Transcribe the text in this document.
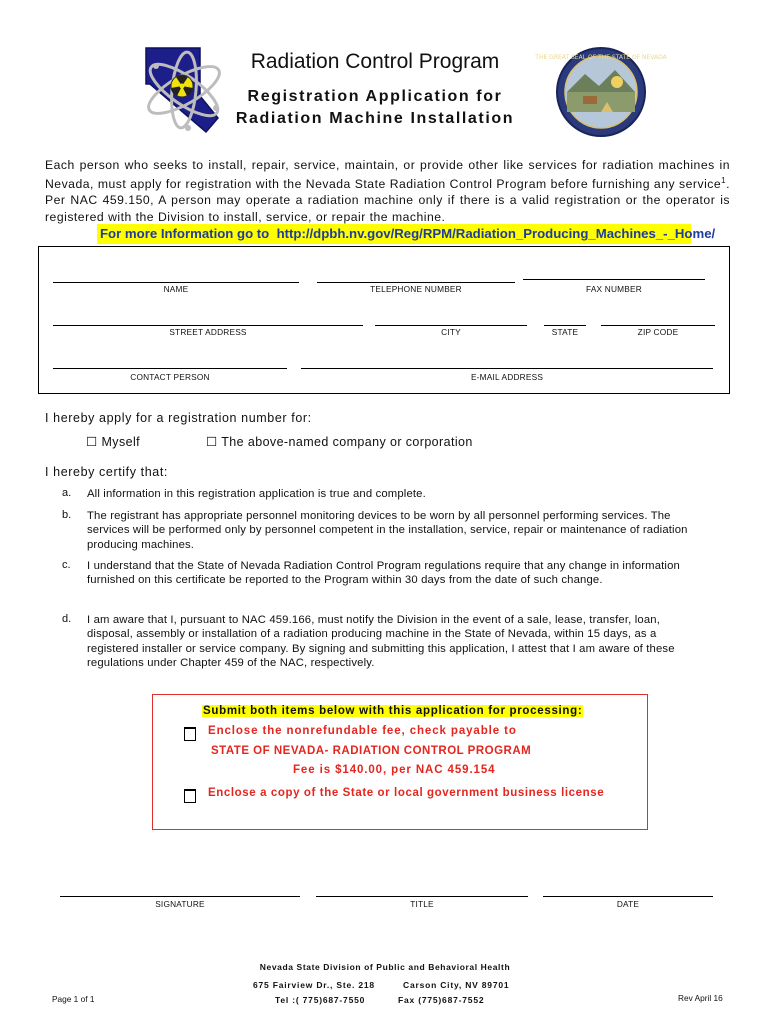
Radiation Control Program
Registration Application for
Radiation Machine Installation
THE GREAT SEAL OF THE STATE OF NEVADA
Each person who seeks to install, repair, service, maintain, or provide other like services for radiation machines in Nevada, must apply for registration with the Nevada State Radiation Control Program before furnishing any service$^1$. Per NAC 459.150, A person may operate a radiation machine only if there is a valid registration or the operator is registered with the Division to install, service, or repair the machine.
For more Information go to http://dpbh.nv.gov/Reg/RPM/Radiation_Producing_Machines_-_Home/
NAME	TELEPHONE NUMBER	FAX NUMBER
STREET ADDRESS	CITY	STATE	ZIP CODE
CONTACT PERSON	E-MAIL ADDRESS
I hereby apply for a registration number for:
☐ Myself	☐ The above-named company or corporation
I hereby certify that:
a. All information in this registration application is true and complete.
b. The registrant has appropriate personnel monitoring devices to be worn by all personnel performing services. The services will be performed only by personnel competent in the installation, service, repair or maintenance of radiation producing machines.
c. I understand that the State of Nevada Radiation Control Program regulations require that any change in information furnished on this certificate be reported to the Program within 30 days from the date of such change.
d. I am aware that I, pursuant to NAC 459.166, must notify the Division in the event of a sale, lease, transfer, loan, disposal, assembly or installation of a radiation producing machine in the State of Nevada, within 15 days, as a registered installer or service company. By signing and submitting this application, I attest that I am aware of these regulations under Chapter 459 of the NAC, respectively.
Submit both items below with this application for processing:
Enclose the nonrefundable fee, check payable to
STATE OF NEVADA- RADIATION CONTROL PROGRAM
Fee is $140.00, per NAC 459.154
Enclose a copy of the State or local government business license
SIGNATURE	TITLE	DATE
Nevada State Division of Public and Behavioral Health
675 Fairview Dr., Ste. 218	Carson City, NV 89701
Tel :( 775)687-7550	Fax (775)687-7552
Page 1 of 1	Rev April 16
